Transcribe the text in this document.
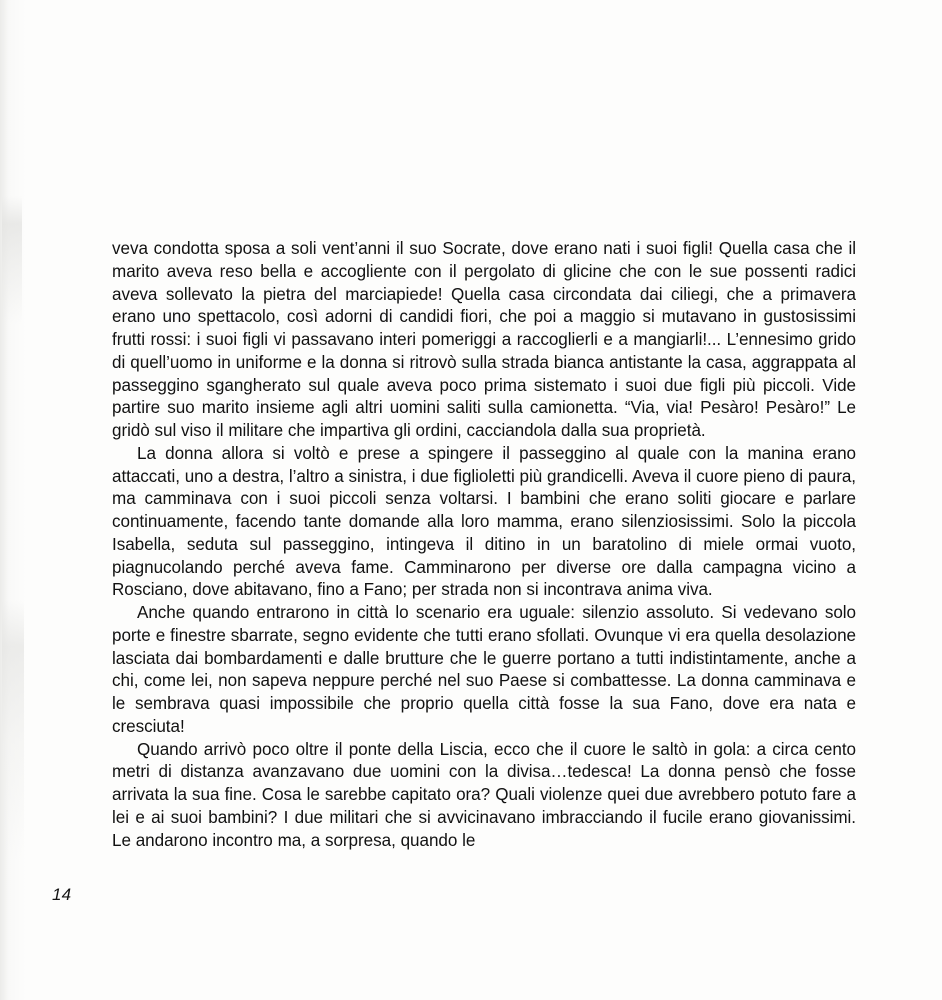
veva condotta sposa a soli vent’anni il suo Socrate, dove erano nati i suoi figli! Quella casa che il marito aveva reso bella e accogliente con il pergolato di glicine che con le sue possenti radici aveva sollevato la pietra del marciapiede! Quella casa circondata dai ciliegi, che a primavera erano uno spettacolo, così adorni di candidi fiori, che poi a maggio si mutavano in gustosissimi frutti rossi: i suoi figli vi passavano interi pomeriggi a raccoglierli e a mangiarli!... L’ennesimo grido di quell’uomo in uniforme e la donna si ritrovò sulla strada bianca antistante la casa, aggrappata al passeggino sgangherato sul quale aveva poco prima sistemato i suoi due figli più piccoli. Vide partire suo marito insieme agli altri uomini saliti sulla camionetta. “Via, via! Pesàro! Pesàro!” Le gridò sul viso il militare che impartiva gli ordini, cacciandola dalla sua proprietà.

La donna allora si voltò e prese a spingere il passeggino al quale con la manina erano attaccati, uno a destra, l’altro a sinistra, i due figlioletti più grandicelli. Aveva il cuore pieno di paura, ma camminava con i suoi piccoli senza voltarsi. I bambini che erano soliti giocare e parlare continuamente, facendo tante domande alla loro mamma, erano silenziosissimi. Solo la piccola Isabella, seduta sul passeggino, intingeva il ditino in un baratolino di miele ormai vuoto, piagnucolando perché aveva fame. Camminarono per diverse ore dalla campagna vicino a Rosciano, dove abitavano, fino a Fano; per strada non si incontrava anima viva.

Anche quando entrarono in città lo scenario era uguale: silenzio assoluto. Si vedevano solo porte e finestre sbarrate, segno evidente che tutti erano sfollati. Ovunque vi era quella desolazione lasciata dai bombardamenti e dalle brutture che le guerre portano a tutti indistintamente, anche a chi, come lei, non sapeva neppure perché nel suo Paese si combattesse. La donna camminava e le sembrava quasi impossibile che proprio quella città fosse la sua Fano, dove era nata e cresciuta!

Quando arrivò poco oltre il ponte della Liscia, ecco che il cuore le saltò in gola: a circa cento metri di distanza avanzavano due uomini con la divisa…tedesca! La donna pensò che fosse arrivata la sua fine. Cosa le sarebbe capitato ora? Quali violenze quei due avrebbero potuto fare a lei e ai suoi bambini? I due militari che si avvicinavano imbracciando il fucile erano giovanissimi. Le andarono incontro ma, a sorpresa, quando le

14
